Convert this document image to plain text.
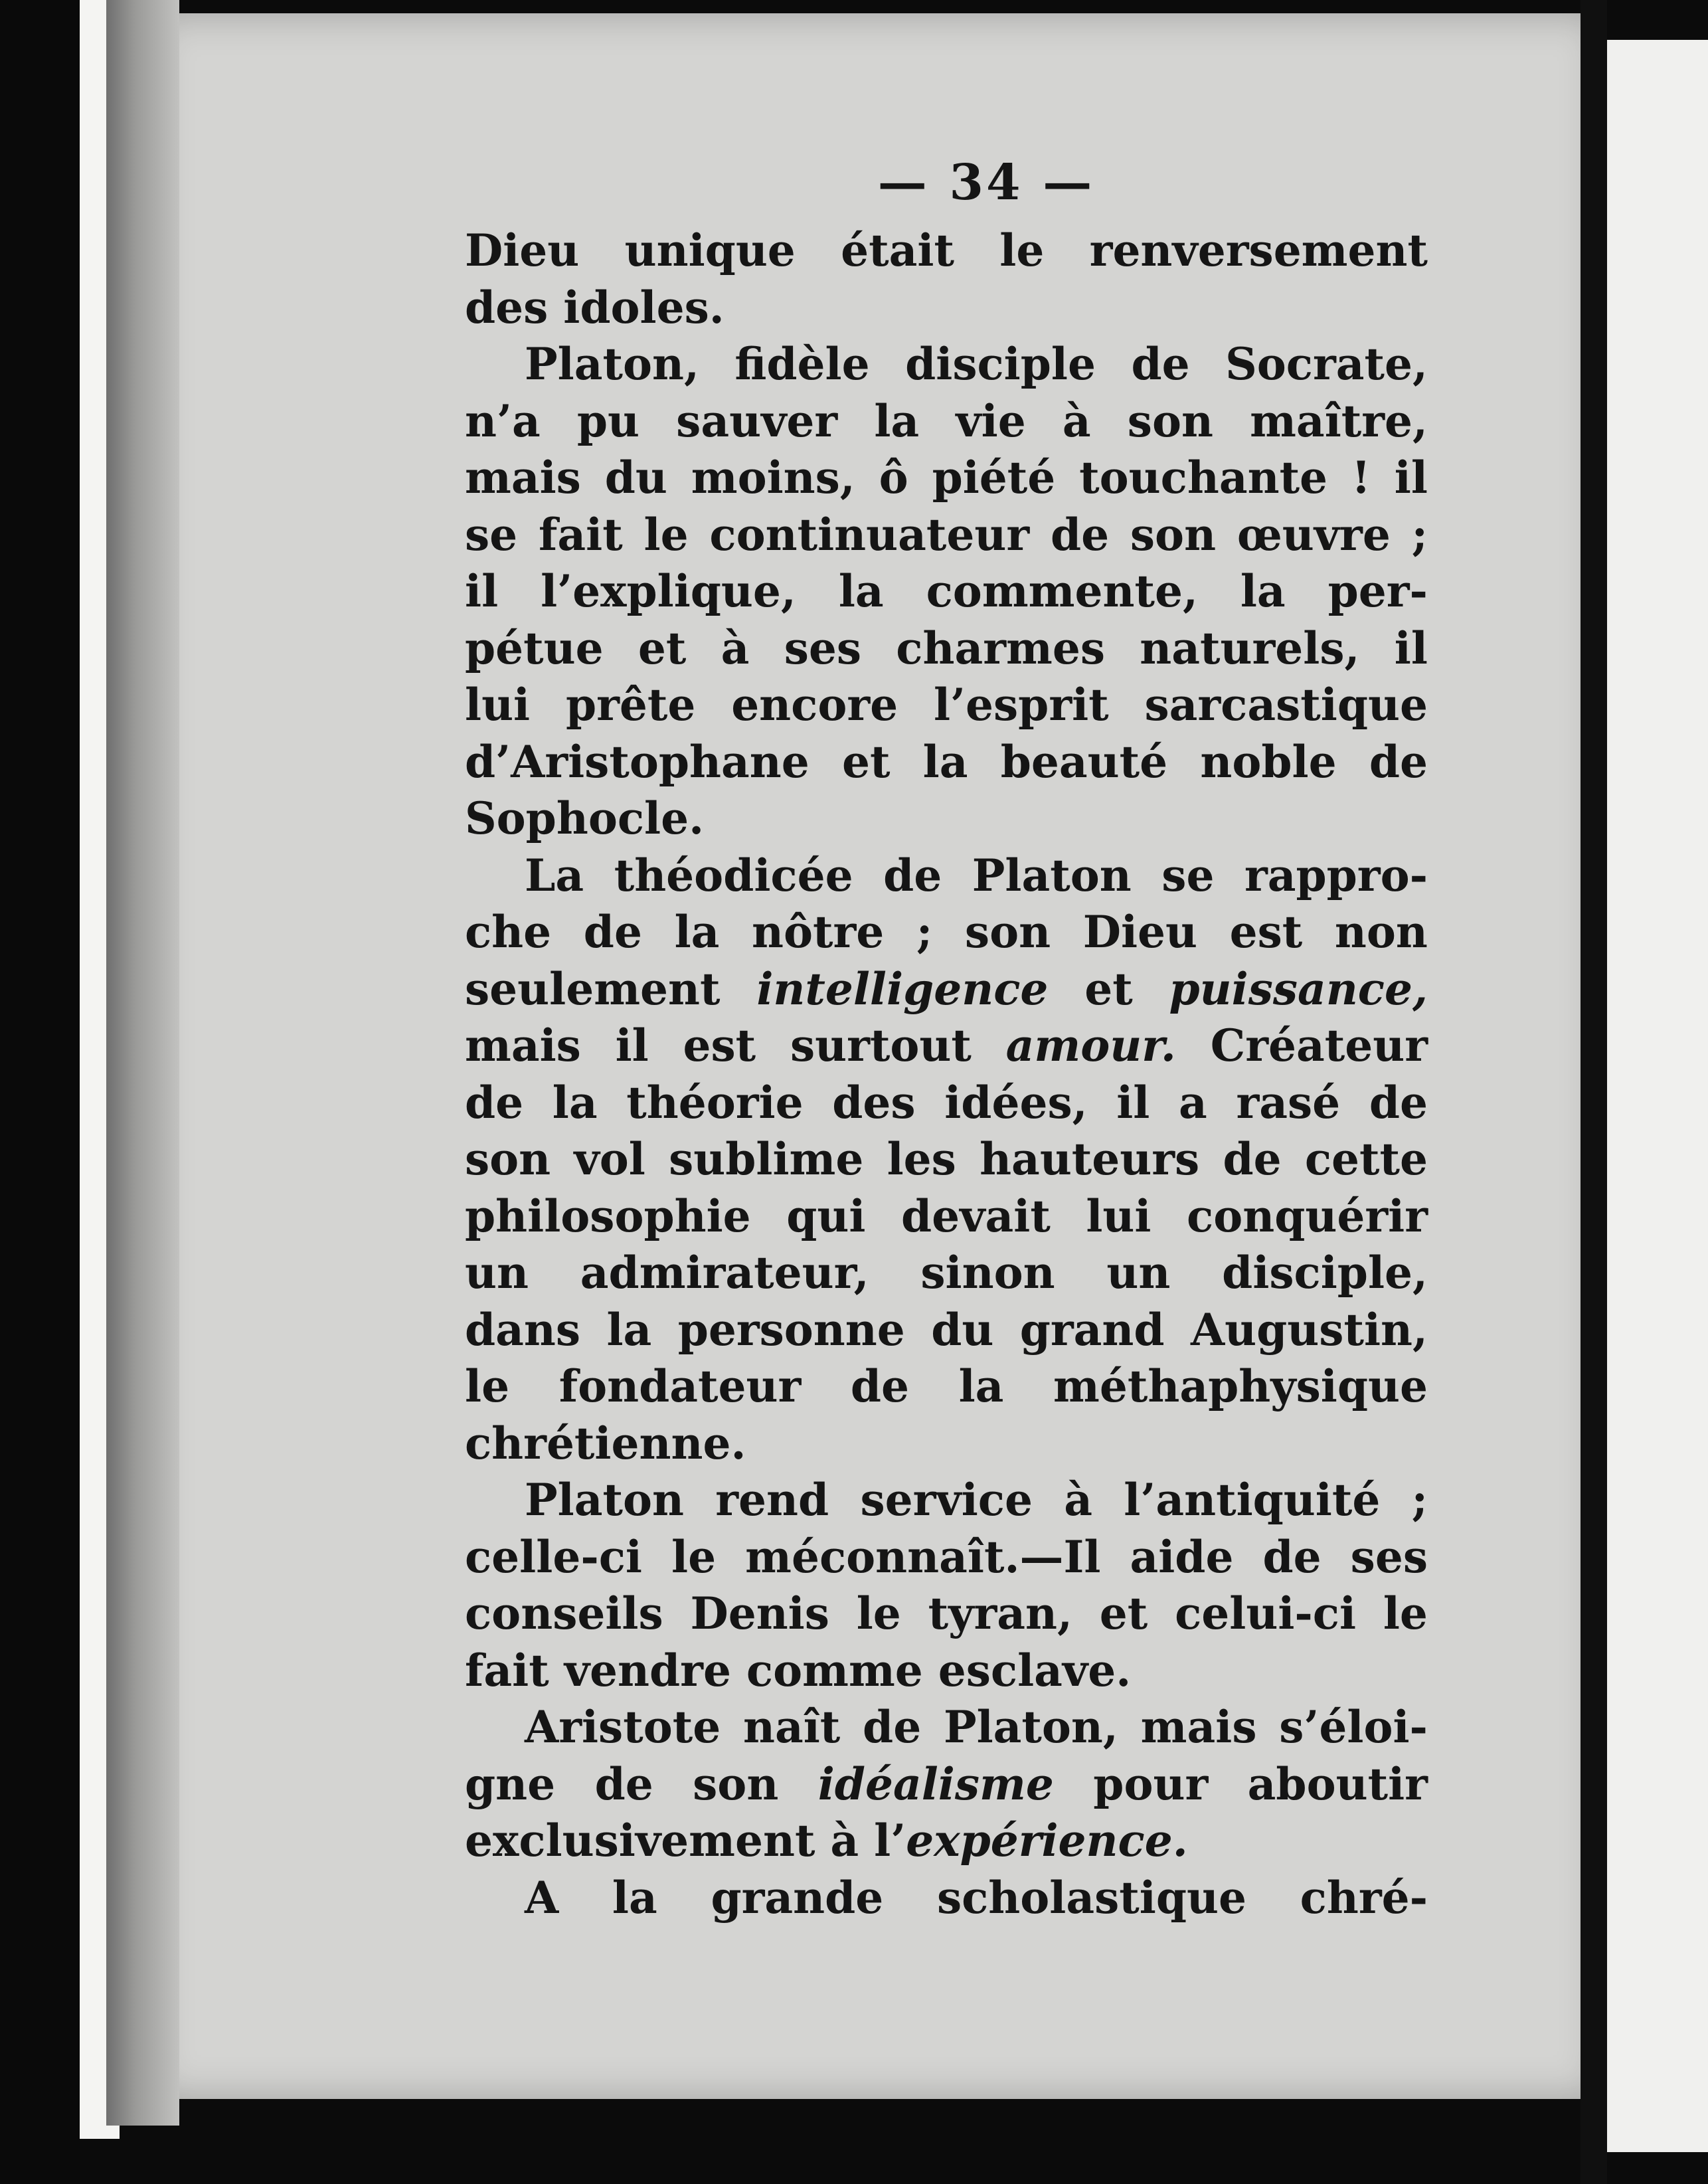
— 34 —
Dieu unique était le renversement
des idoles.
Platon, fidèle disciple de Socrate,
n’a pu sauver la vie à son maître,
mais du moins, ô piété touchante ! il
se fait le continuateur de son œuvre ;
il l’explique, la commente, la per-
pétue et à ses charmes naturels, il
lui prête encore l’esprit sarcastique
d’Aristophane et la beauté noble de
Sophocle.
La théodicée de Platon se rappro-
che de la nôtre ; son Dieu est non
seulement intelligence et puissance,
mais il est surtout amour. Créateur
de la théorie des idées, il a rasé de
son vol sublime les hauteurs de cette
philosophie qui devait lui conquérir
un admirateur, sinon un disciple,
dans la personne du grand Augustin,
le fondateur de la méthaphysique
chrétienne.
Platon rend service à l’antiquité ;
celle-ci le méconnaît.—Il aide de ses
conseils Denis le tyran, et celui-ci le
fait vendre comme esclave.
Aristote naît de Platon, mais s’éloi-
gne de son idéalisme pour aboutir
exclusivement à l’expérience.
A la grande scholastique chré-
